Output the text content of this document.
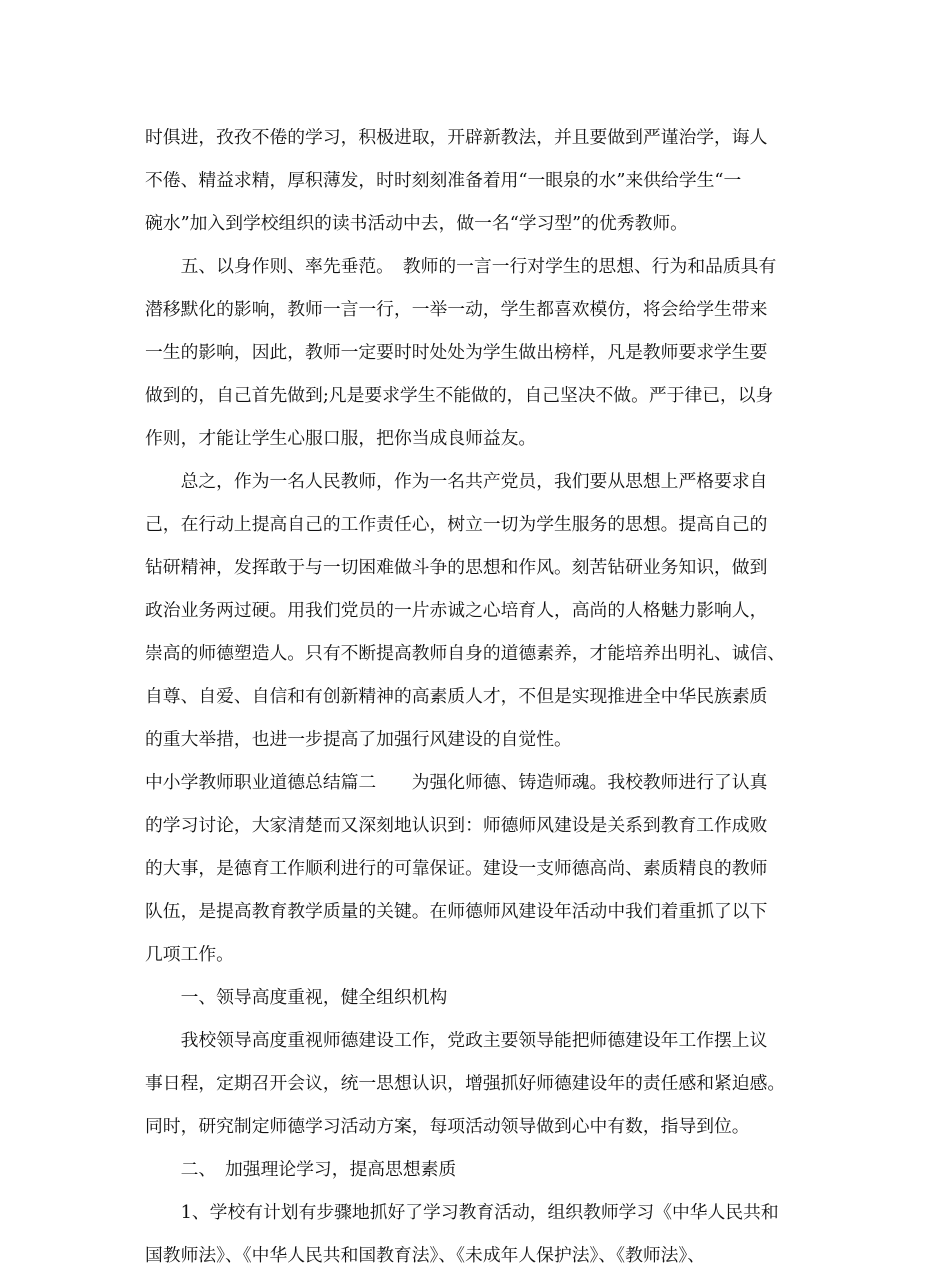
时俱进，孜孜不倦的学习，积极进取，开辟新教法，并且要做到严谨治学，诲人
不倦、精益求精，厚积薄发，时时刻刻准备着用“一眼泉的水”来供给学生“一
碗水”加入到学校组织的读书活动中去，做一名“学习型”的优秀教师。
　　五、以身作则、率先垂范。　教师的一言一行对学生的思想、行为和品质具有
潜移默化的影响，教师一言一行，一举一动，学生都喜欢模仿，将会给学生带来
一生的影响，因此，教师一定要时时处处为学生做出榜样，凡是教师要求学生要
做到的，自己首先做到;凡是要求学生不能做的，自己坚决不做。严于律已，以身
作则，才能让学生心服口服，把你当成良师益友。
　　总之，作为一名人民教师，作为一名共产党员，我们要从思想上严格要求自
己，在行动上提高自己的工作责任心，树立一切为学生服务的思想。提高自己的
钻研精神，发挥敢于与一切困难做斗争的思想和作风。刻苦钻研业务知识，做到
政治业务两过硬。用我们党员的一片赤诚之心培育人，高尚的人格魅力影响人，
崇高的师德塑造人。只有不断提高教师自身的道德素养，才能培养出明礼、诚信、
自尊、自爱、自信和有创新精神的高素质人才，不但是实现推进全中华民族素质
的重大举措，也进一步提高了加强行风建设的自觉性。
中小学教师职业道德总结篇二　　为强化师德、铸造师魂。我校教师进行了认真
的学习讨论，大家清楚而又深刻地认识到：师德师风建设是关系到教育工作成败
的大事，是德育工作顺利进行的可靠保证。建设一支师德高尚、素质精良的教师
队伍，是提高教育教学质量的关键。在师德师风建设年活动中我们着重抓了以下
几项工作。
　　一、领导高度重视，健全组织机构
　　我校领导高度重视师德建设工作，党政主要领导能把师德建设年工作摆上议
事日程，定期召开会议，统一思想认识，增强抓好师德建设年的责任感和紧迫感。
同时，研究制定师德学习活动方案，每项活动领导做到心中有数，指导到位。
　　二、　加强理论学习，提高思想素质
　　1、学校有计划有步骤地抓好了学习教育活动，组织教师学习《中华人民共和
国教师法》、《中华人民共和国教育法》、《未成年人保护法》、《教师法》、
